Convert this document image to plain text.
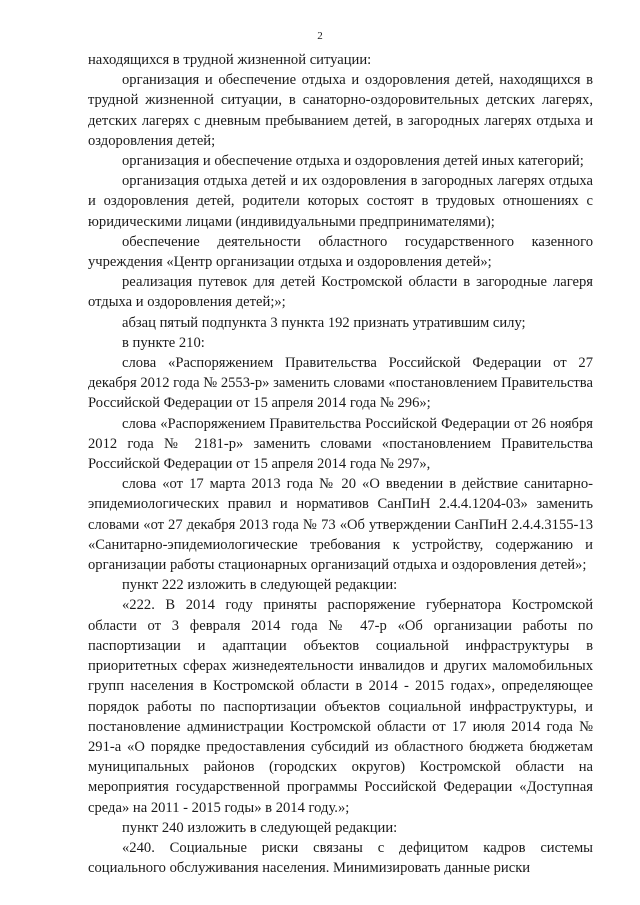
2

находящихся в трудной жизненной ситуации:

организация и обеспечение отдыха и оздоровления детей, находящихся в трудной жизненной ситуации, в санаторно-оздоровительных детских лагерях, детских лагерях с дневным пребыванием детей, в загородных лагерях отдыха и оздоровления детей;

организация и обеспечение отдыха и оздоровления детей иных категорий;

организация отдыха детей и их оздоровления в загородных лагерях отдыха и оздоровления детей, родители которых состоят в трудовых отношениях с юридическими лицами (индивидуальными предпринимателями);

обеспечение деятельности областного государственного казенного учреждения «Центр организации отдыха и оздоровления детей»;

реализация путевок для детей Костромской области в загородные лагеря отдыха и оздоровления детей;»;

абзац пятый подпункта 3 пункта 192 признать утратившим силу;

в пункте 210:

слова «Распоряжением Правительства Российской Федерации от 27 декабря 2012 года № 2553-р» заменить словами «постановлением Правительства Российской Федерации от 15 апреля 2014 года № 296»;

слова «Распоряжением Правительства Российской Федерации от 26 ноября 2012 года № 2181-р» заменить словами «постановлением Правительства Российской Федерации от 15 апреля 2014 года № 297»,

слова «от 17 марта 2013 года № 20 «О введении в действие санитарно-эпидемиологических правил и нормативов СанПиН 2.4.4.1204-03» заменить словами «от 27 декабря 2013 года № 73 «Об утверждении СанПиН 2.4.4.3155-13 «Санитарно-эпидемиологические требования к устройству, содержанию и организации работы стационарных организаций отдыха и оздоровления детей»;

пункт 222 изложить в следующей редакции:

«222. В 2014 году приняты распоряжение губернатора Костромской области от 3 февраля 2014 года № 47-р «Об организации работы по паспортизации и адаптации объектов социальной инфраструктуры в приоритетных сферах жизнедеятельности инвалидов и других маломобильных групп населения в Костромской области в 2014 - 2015 годах», определяющее порядок работы по паспортизации объектов социальной инфраструктуры, и постановление администрации Костромской области от 17 июля 2014 года № 291-а «О порядке предоставления субсидий из областного бюджета бюджетам муниципальных районов (городских округов) Костромской области на мероприятия государственной программы Российской Федерации «Доступная среда» на 2011 - 2015 годы» в 2014 году.»;

пункт 240 изложить в следующей редакции:

«240. Социальные риски связаны с дефицитом кадров системы социального обслуживания населения. Минимизировать данные риски
